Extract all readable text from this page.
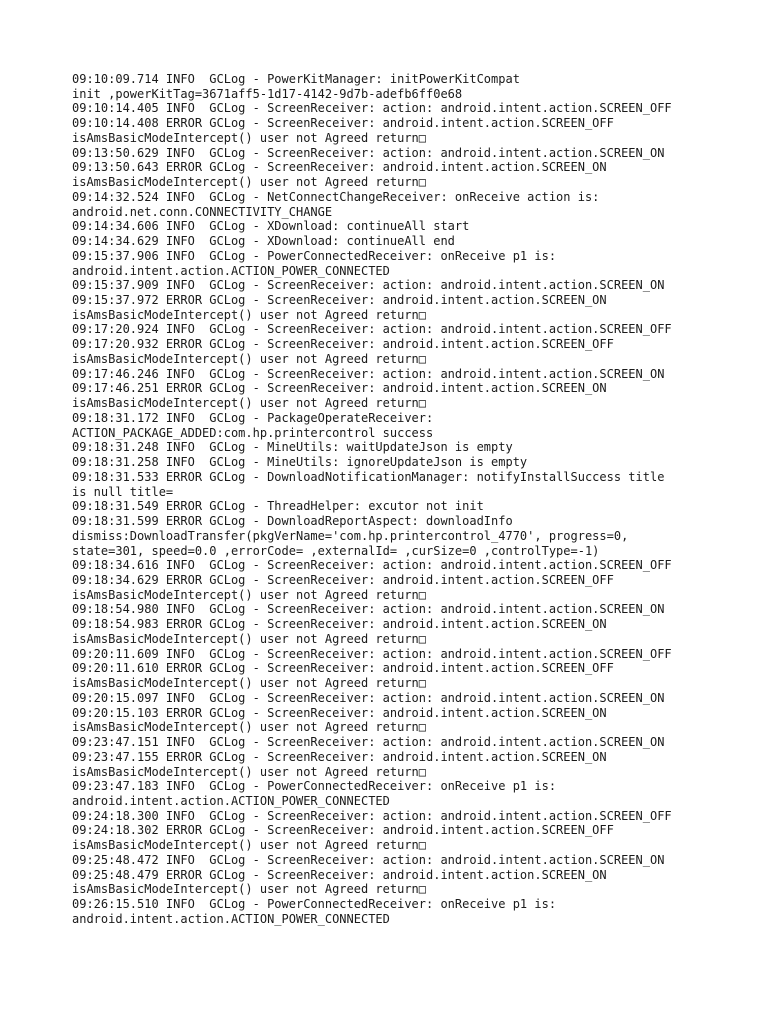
09:10:09.714 INFO  GCLog - PowerKitManager: initPowerKitCompat
init ,powerKitTag=3671aff5-1d17-4142-9d7b-adefb6ff0e68
09:10:14.405 INFO  GCLog - ScreenReceiver: action: android.intent.action.SCREEN_OFF
09:10:14.408 ERROR GCLog - ScreenReceiver: android.intent.action.SCREEN_OFF
isAmsBasicModeIntercept() user not Agreed return□
09:13:50.629 INFO  GCLog - ScreenReceiver: action: android.intent.action.SCREEN_ON
09:13:50.643 ERROR GCLog - ScreenReceiver: android.intent.action.SCREEN_ON
isAmsBasicModeIntercept() user not Agreed return□
09:14:32.524 INFO  GCLog - NetConnectChangeReceiver: onReceive action is:
android.net.conn.CONNECTIVITY_CHANGE
09:14:34.606 INFO  GCLog - XDownload: continueAll start
09:14:34.629 INFO  GCLog - XDownload: continueAll end
09:15:37.906 INFO  GCLog - PowerConnectedReceiver: onReceive p1 is:
android.intent.action.ACTION_POWER_CONNECTED
09:15:37.909 INFO  GCLog - ScreenReceiver: action: android.intent.action.SCREEN_ON
09:15:37.972 ERROR GCLog - ScreenReceiver: android.intent.action.SCREEN_ON
isAmsBasicModeIntercept() user not Agreed return□
09:17:20.924 INFO  GCLog - ScreenReceiver: action: android.intent.action.SCREEN_OFF
09:17:20.932 ERROR GCLog - ScreenReceiver: android.intent.action.SCREEN_OFF
isAmsBasicModeIntercept() user not Agreed return□
09:17:46.246 INFO  GCLog - ScreenReceiver: action: android.intent.action.SCREEN_ON
09:17:46.251 ERROR GCLog - ScreenReceiver: android.intent.action.SCREEN_ON
isAmsBasicModeIntercept() user not Agreed return□
09:18:31.172 INFO  GCLog - PackageOperateReceiver:
ACTION_PACKAGE_ADDED:com.hp.printercontrol success
09:18:31.248 INFO  GCLog - MineUtils: waitUpdateJson is empty
09:18:31.258 INFO  GCLog - MineUtils: ignoreUpdateJson is empty
09:18:31.533 ERROR GCLog - DownloadNotificationManager: notifyInstallSuccess title
is null title=
09:18:31.549 ERROR GCLog - ThreadHelper: excutor not init
09:18:31.599 ERROR GCLog - DownloadReportAspect: downloadInfo
dismiss:DownloadTransfer(pkgVerName='com.hp.printercontrol_4770', progress=0,
state=301, speed=0.0 ,errorCode= ,externalId= ,curSize=0 ,controlType=-1)
09:18:34.616 INFO  GCLog - ScreenReceiver: action: android.intent.action.SCREEN_OFF
09:18:34.629 ERROR GCLog - ScreenReceiver: android.intent.action.SCREEN_OFF
isAmsBasicModeIntercept() user not Agreed return□
09:18:54.980 INFO  GCLog - ScreenReceiver: action: android.intent.action.SCREEN_ON
09:18:54.983 ERROR GCLog - ScreenReceiver: android.intent.action.SCREEN_ON
isAmsBasicModeIntercept() user not Agreed return□
09:20:11.609 INFO  GCLog - ScreenReceiver: action: android.intent.action.SCREEN_OFF
09:20:11.610 ERROR GCLog - ScreenReceiver: android.intent.action.SCREEN_OFF
isAmsBasicModeIntercept() user not Agreed return□
09:20:15.097 INFO  GCLog - ScreenReceiver: action: android.intent.action.SCREEN_ON
09:20:15.103 ERROR GCLog - ScreenReceiver: android.intent.action.SCREEN_ON
isAmsBasicModeIntercept() user not Agreed return□
09:23:47.151 INFO  GCLog - ScreenReceiver: action: android.intent.action.SCREEN_ON
09:23:47.155 ERROR GCLog - ScreenReceiver: android.intent.action.SCREEN_ON
isAmsBasicModeIntercept() user not Agreed return□
09:23:47.183 INFO  GCLog - PowerConnectedReceiver: onReceive p1 is:
android.intent.action.ACTION_POWER_CONNECTED
09:24:18.300 INFO  GCLog - ScreenReceiver: action: android.intent.action.SCREEN_OFF
09:24:18.302 ERROR GCLog - ScreenReceiver: android.intent.action.SCREEN_OFF
isAmsBasicModeIntercept() user not Agreed return□
09:25:48.472 INFO  GCLog - ScreenReceiver: action: android.intent.action.SCREEN_ON
09:25:48.479 ERROR GCLog - ScreenReceiver: android.intent.action.SCREEN_ON
isAmsBasicModeIntercept() user not Agreed return□
09:26:15.510 INFO  GCLog - PowerConnectedReceiver: onReceive p1 is:
android.intent.action.ACTION_POWER_CONNECTED
